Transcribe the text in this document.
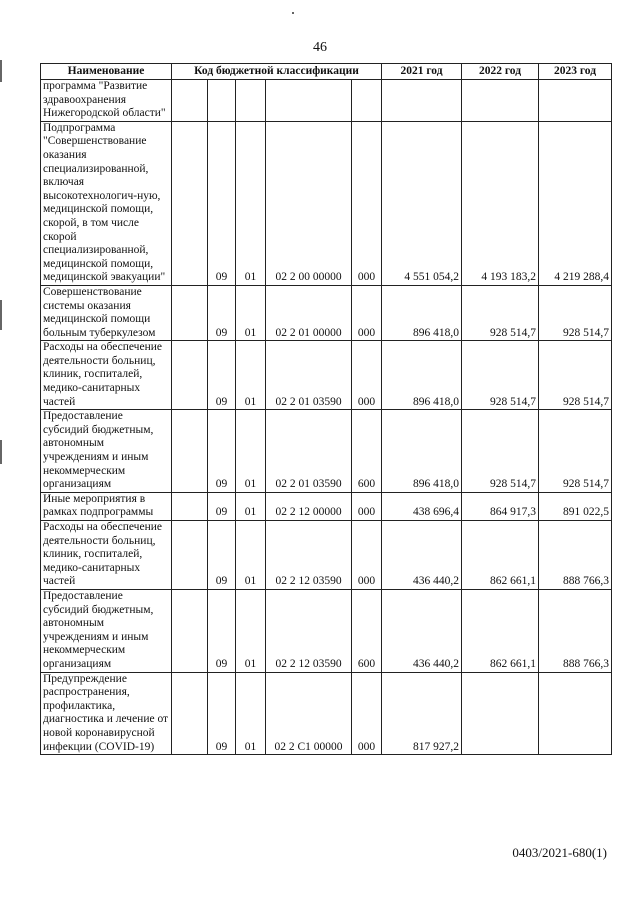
46
Наименование	Код бюджетной классификации					2021 год	2022 год	2023 год
программа "Развитие здравоохранения Нижегородской области"								
Подпрограмма "Совершенствование оказания специализированной, включая высокотехнологич-ную, медицинской помощи, скорой, в том числе скорой специализированной, медицинской помощи, медицинской эвакуации"		09	01	02 2 00 00000	000	4 551 054,2	4 193 183,2	4 219 288,4
Совершенствование системы оказания медицинской помощи больным туберкулезом		09	01	02 2 01 00000	000	896 418,0	928 514,7	928 514,7
Расходы на обеспечение деятельности больниц, клиник, госпиталей, медико-санитарных частей		09	01	02 2 01 03590	000	896 418,0	928 514,7	928 514,7
Предоставление субсидий бюджетным, автономным учреждениям и иным некоммерческим организациям		09	01	02 2 01 03590	600	896 418,0	928 514,7	928 514,7
Иные мероприятия в рамках подпрограммы		09	01	02 2 12 00000	000	438 696,4	864 917,3	891 022,5
Расходы на обеспечение деятельности больниц, клиник, госпиталей, медико-санитарных частей		09	01	02 2 12 03590	000	436 440,2	862 661,1	888 766,3
Предоставление субсидий бюджетным, автономным учреждениям и иным некоммерческим организациям		09	01	02 2 12 03590	600	436 440,2	862 661,1	888 766,3
Предупреждение распространения, профилактика, диагностика и лечение от новой коронавирусной инфекции (COVID-19)		09	01	02 2 C1 00000	000	817 927,2		
0403/2021-680(1)
